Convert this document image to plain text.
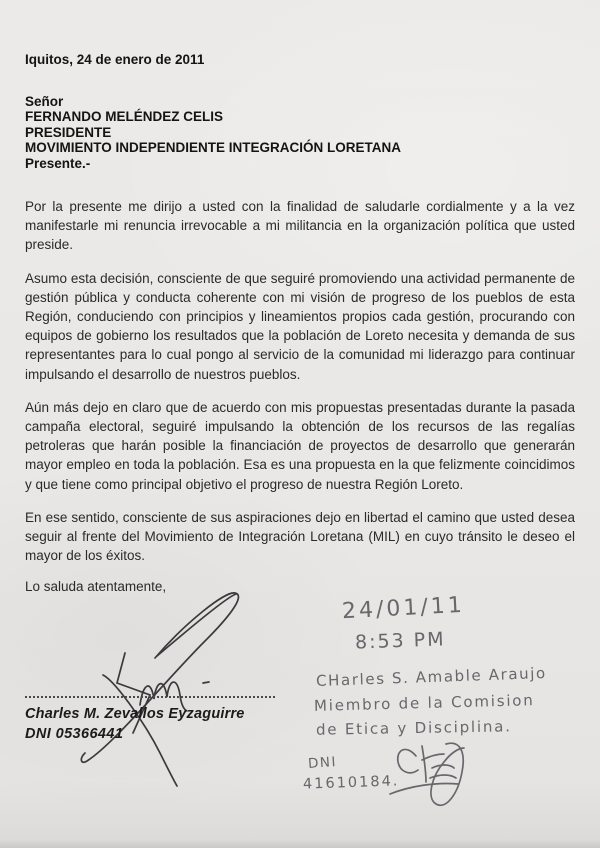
Iquitos, 24 de enero de 2011
Señor
FERNANDO MELÉNDEZ CELIS
PRESIDENTE
MOVIMIENTO INDEPENDIENTE INTEGRACIÓN LORETANA
Presente.-

Por la presente me dirijo a usted con la finalidad de saludarle cordialmente y a la vez manifestarle mi renuncia irrevocable a mi militancia en la organización política que usted preside.

Asumo esta decisión, consciente de que seguiré promoviendo una actividad permanente de gestión pública y conducta coherente con mi visión de progreso de los pueblos de esta Región, conduciendo con principios y lineamientos propios cada gestión, procurando con equipos de gobierno los resultados que la población de Loreto necesita y demanda de sus representantes para lo cual pongo al servicio de la comunidad mi liderazgo para continuar impulsando el desarrollo de nuestros pueblos.

Aún más dejo en claro que de acuerdo con mis propuestas presentadas durante la pasada campaña electoral, seguiré impulsando la obtención de los recursos de las regalías petroleras que harán posible la financiación de proyectos de desarrollo que generarán mayor empleo en toda la población. Esa es una propuesta en la que felizmente coincidimos y que tiene como principal objetivo el progreso de nuestra Región Loreto.

En ese sentido, consciente de sus aspiraciones dejo en libertad el camino que usted desea seguir al frente del Movimiento de Integración Loretana (MIL) en cuyo tránsito le deseo el mayor de los éxitos.

Lo saluda atentamente,
Charles M. Zevallos Eyzaguirre
DNI 05366441
24/01/11
8:53 PM
CHarles S. Amable Araujo
Miembro de la Comision
de Etica y Disciplina.
DNI
41610184.
